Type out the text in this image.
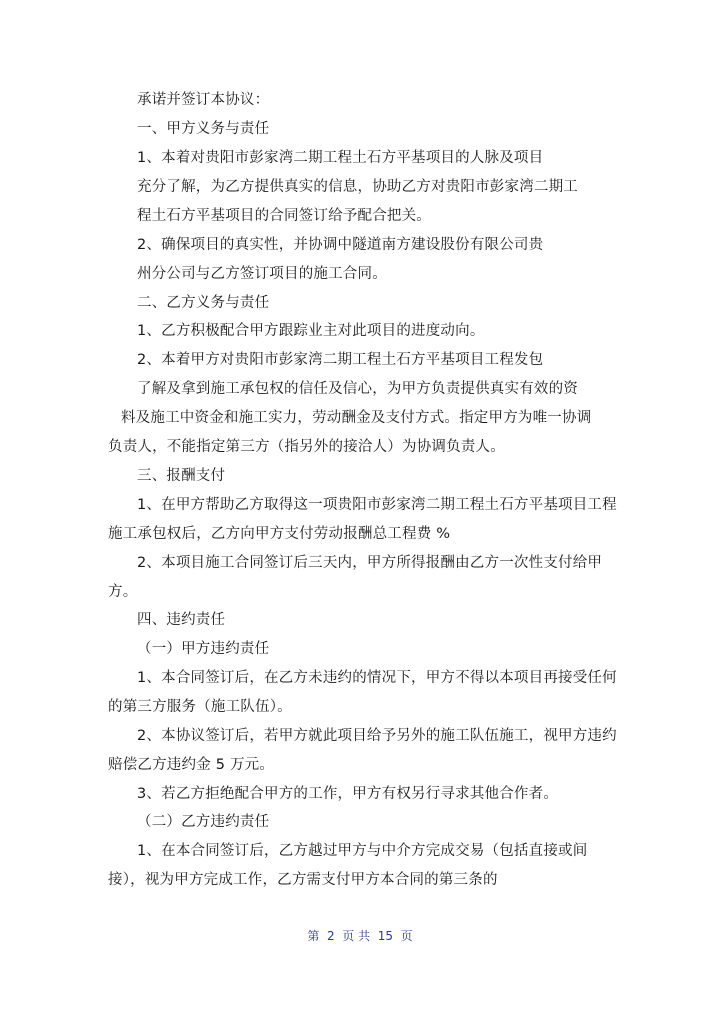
承诺并签订本协议：
一、甲方义务与责任
1、本着对贵阳市彭家湾二期工程土石方平基项目的人脉及项目
充分了解，为乙方提供真实的信息，协助乙方对贵阳市彭家湾二期工
程土石方平基项目的合同签订给予配合把关。
2、确保项目的真实性，并协调中隧道南方建设股份有限公司贵
州分公司与乙方签订项目的施工合同。
二、乙方义务与责任
1、乙方积极配合甲方跟踪业主对此项目的进度动向。
2、本着甲方对贵阳市彭家湾二期工程土石方平基项目工程发包
了解及拿到施工承包权的信任及信心，为甲方负责提供真实有效的资
料及施工中资金和施工实力，劳动酬金及支付方式。指定甲方为唯一协调
负责人，不能指定第三方（指另外的接洽人）为协调负责人。
三、报酬支付
1、在甲方帮助乙方取得这一项贵阳市彭家湾二期工程土石方平基项目工程
施工承包权后，乙方向甲方支付劳动报酬总工程费 %
2、本项目施工合同签订后三天内，甲方所得报酬由乙方一次性支付给甲
方。
四、违约责任
（一）甲方违约责任
1、本合同签订后，在乙方未违约的情况下，甲方不得以本项目再接受任何
的第三方服务（施工队伍）。
2、本协议签订后，若甲方就此项目给予另外的施工队伍施工，视甲方违约
赔偿乙方违约金 5 万元。
3、若乙方拒绝配合甲方的工作，甲方有权另行寻求其他合作者。
（二）乙方违约责任
1、在本合同签订后，乙方越过甲方与中介方完成交易（包括直接或间
接），视为甲方完成工作，乙方需支付甲方本合同的第三条的
第  2  页 共  15  页
